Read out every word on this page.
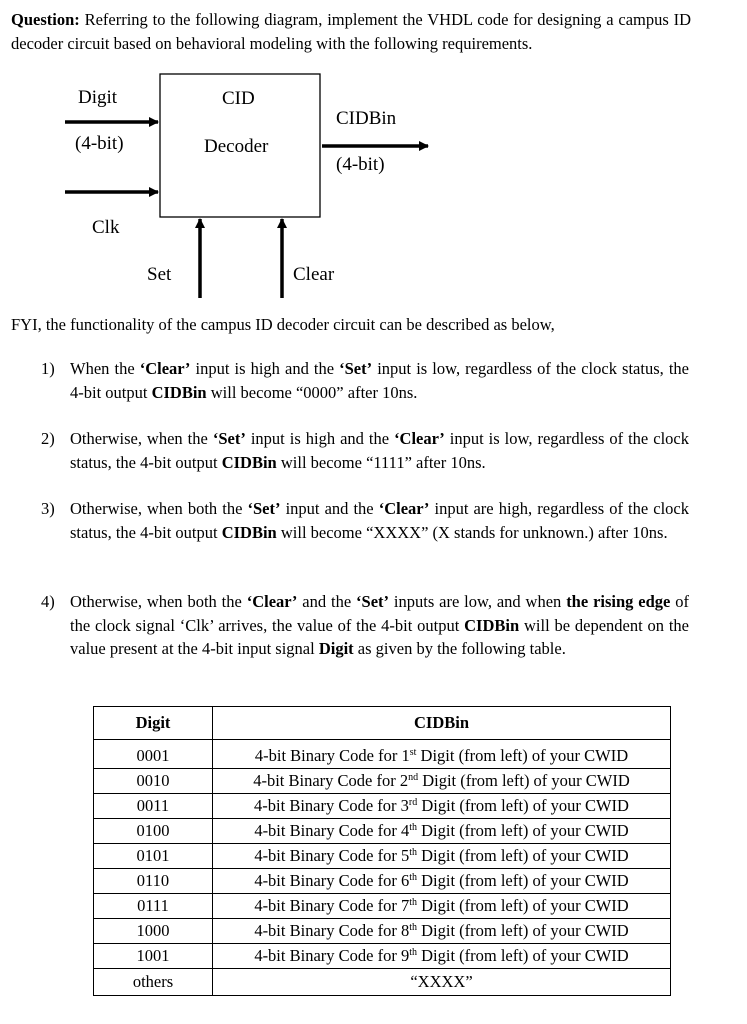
Question: Referring to the following diagram, implement the VHDL code for designing a campus ID decoder circuit based on behavioral modeling with the following requirements.
Digit
(4-bit)
Clk
CID
Decoder
CIDBin
(4-bit)
Set	Clear
FYI, the functionality of the campus ID decoder circuit can be described as below,
1) When the ‘Clear’ input is high and the ‘Set’ input is low, regardless of the clock status, the 4-bit output CIDBin will become “0000” after 10ns.
2) Otherwise, when the ‘Set’ input is high and the ‘Clear’ input is low, regardless of the clock status, the 4-bit output CIDBin will become “1111” after 10ns.
3) Otherwise, when both the ‘Set’ input and the ‘Clear’ input are high, regardless of the clock status, the 4-bit output CIDBin will become “XXXX” (X stands for unknown.) after 10ns.
4) Otherwise, when both the ‘Clear’ and the ‘Set’ inputs are low, and when the rising edge of the clock signal ‘Clk’ arrives, the value of the 4-bit output CIDBin will be dependent on the value present at the 4-bit input signal Digit as given by the following table.
Digit	CIDBin
0001	4-bit Binary Code for 1st Digit (from left) of your CWID
0010	4-bit Binary Code for 2nd Digit (from left) of your CWID
0011	4-bit Binary Code for 3rd Digit (from left) of your CWID
0100	4-bit Binary Code for 4th Digit (from left) of your CWID
0101	4-bit Binary Code for 5th Digit (from left) of your CWID
0110	4-bit Binary Code for 6th Digit (from left) of your CWID
0111	4-bit Binary Code for 7th Digit (from left) of your CWID
1000	4-bit Binary Code for 8th Digit (from left) of your CWID
1001	4-bit Binary Code for 9th Digit (from left) of your CWID
others	“XXXX”
